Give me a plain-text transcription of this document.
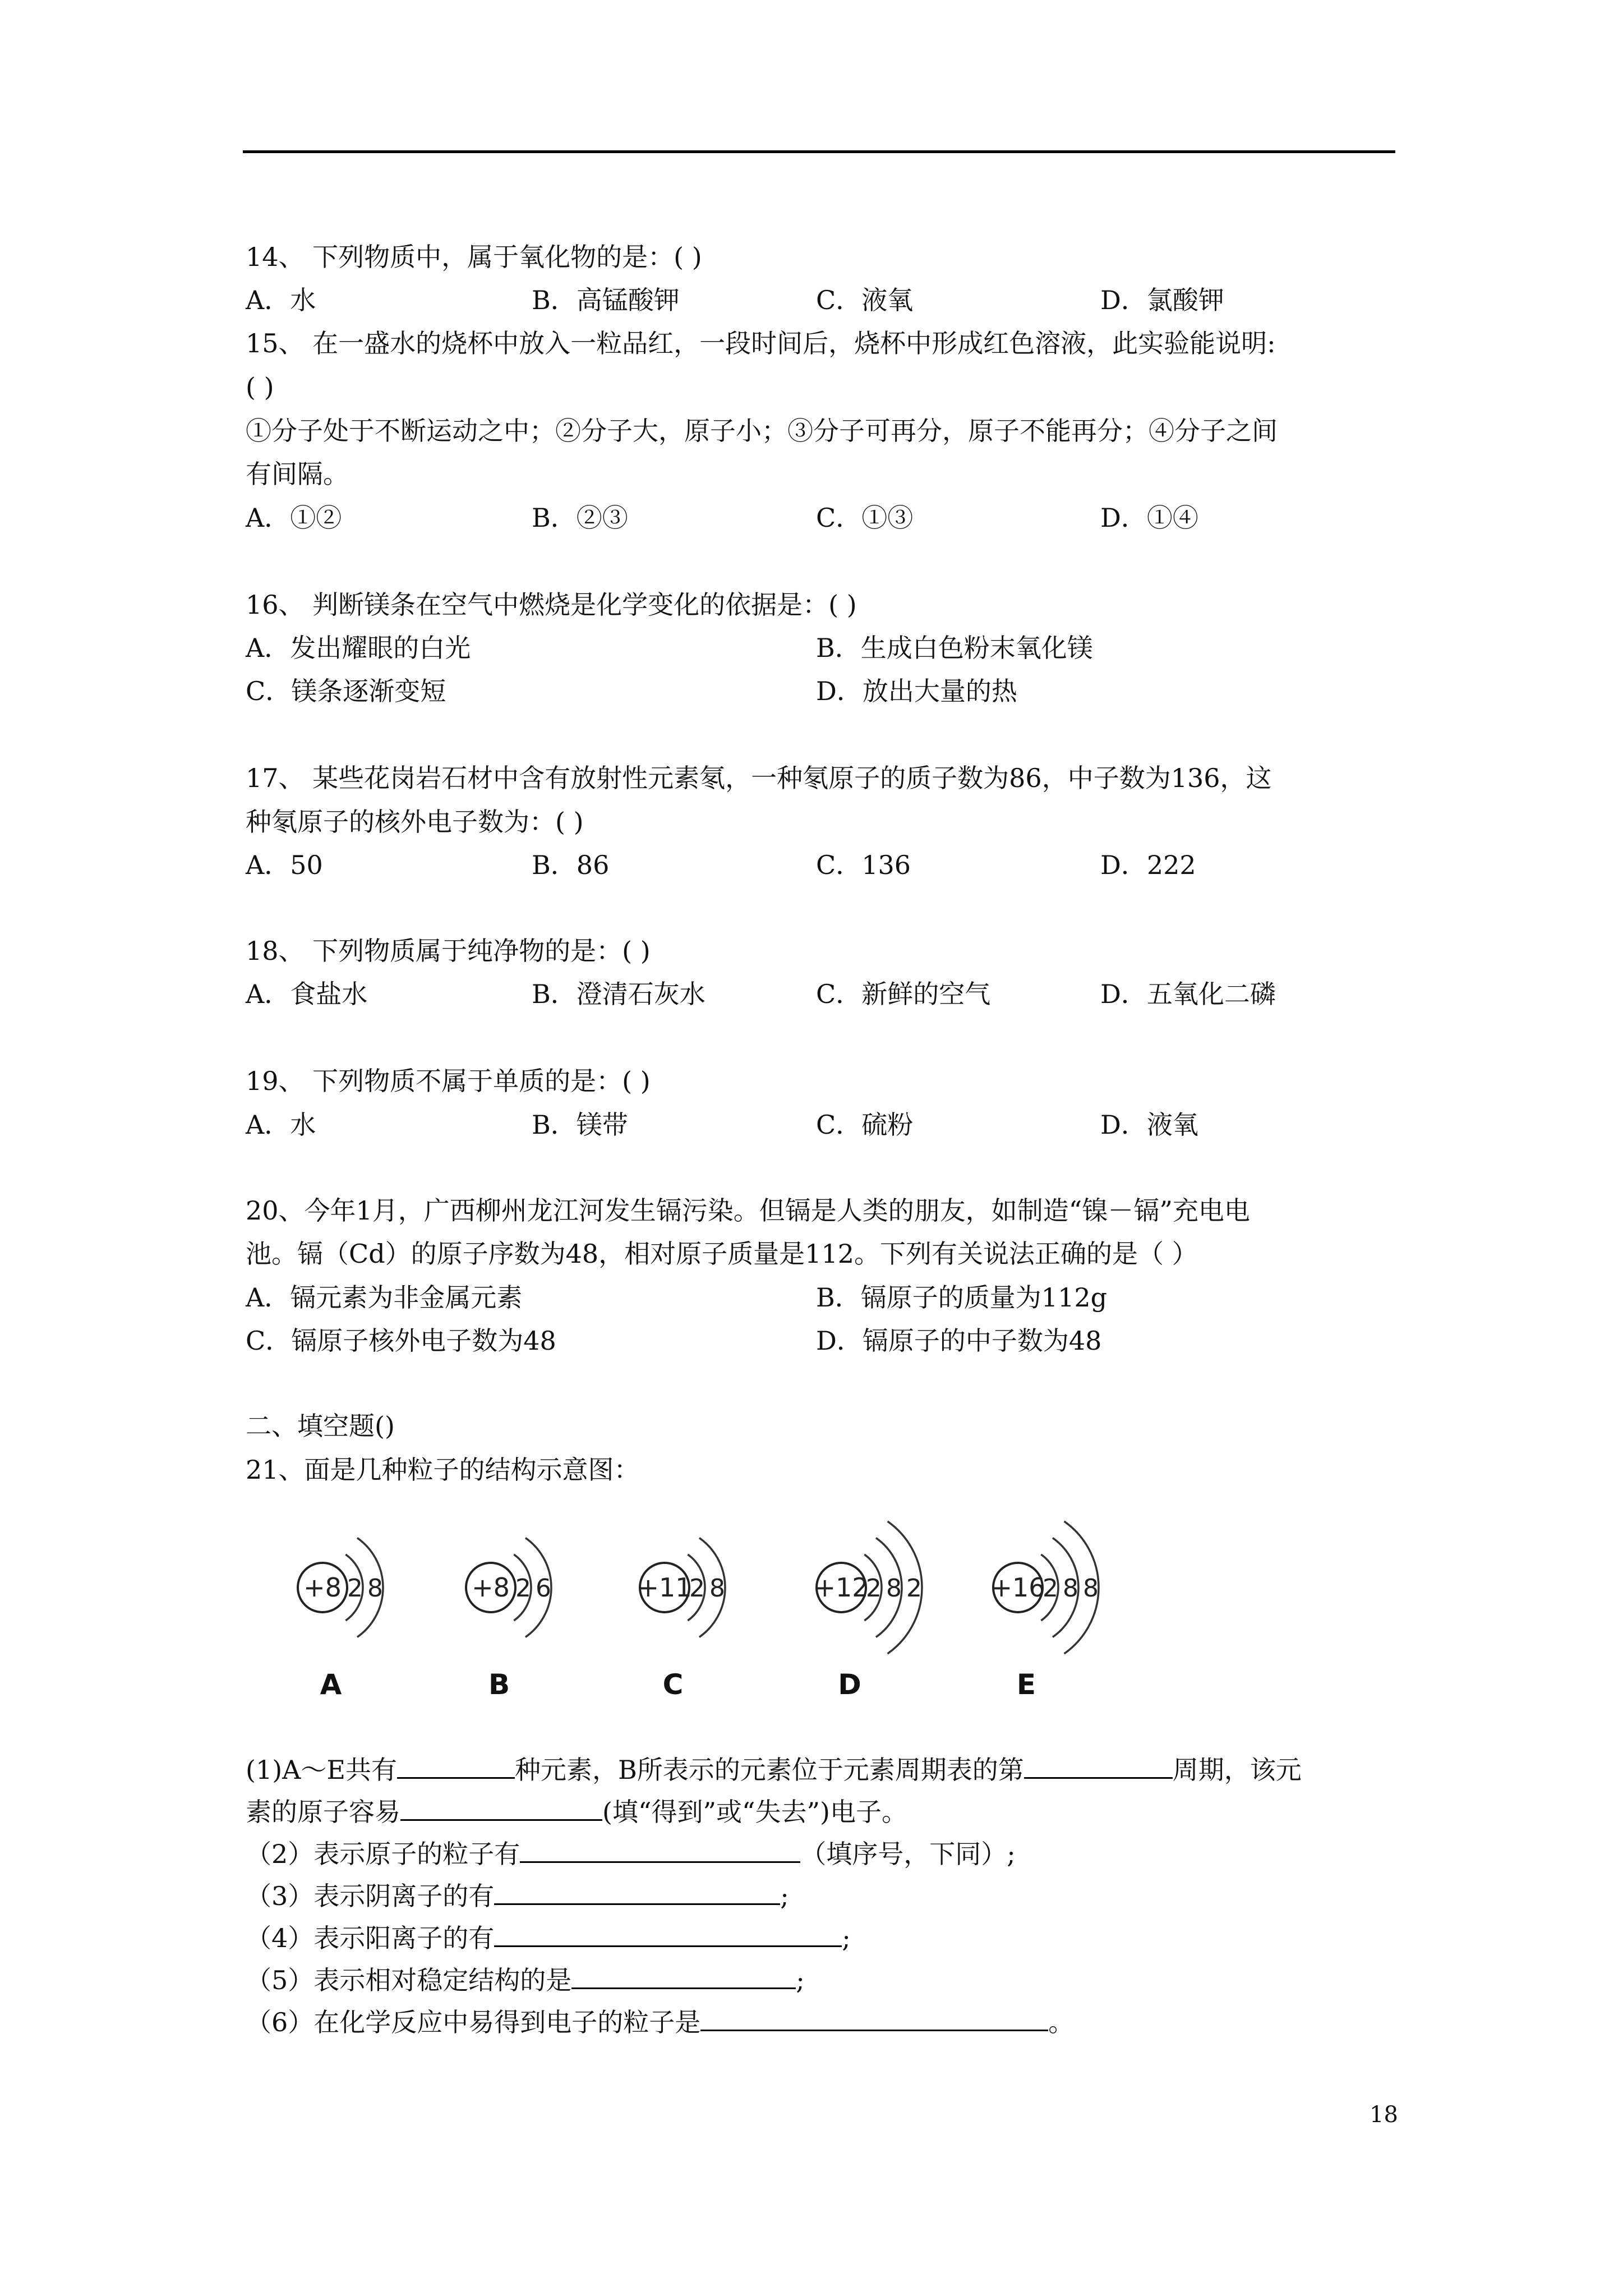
14、 下列物质中，属于氧化物的是：( )
A．水	B．高锰酸钾	C．液氧	D．氯酸钾
15、 在一盛水的烧杯中放入一粒品红，一段时间后，烧杯中形成红色溶液，此实验能说明:
( )
①分子处于不断运动之中；②分子大，原子小；③分子可再分，原子不能再分；④分子之间
有间隔。
A．①②	B．②③	C．①③	D．①④
16、 判断镁条在空气中燃烧是化学变化的依据是：( )
A．发出耀眼的白光	B．生成白色粉末氧化镁
C．镁条逐渐变短	D．放出大量的热
17、 某些花岗岩石材中含有放射性元素氡，一种氡原子的质子数为86，中子数为136，这
种氡原子的核外电子数为：( )
A．50	B．86	C．136	D．222
18、 下列物质属于纯净物的是：( )
A．食盐水	B．澄清石灰水	C．新鲜的空气	D．五氧化二磷
19、 下列物质不属于单质的是：( )
A．水	B．镁带	C．硫粉	D．液氧
20、今年1月，广西柳州龙江河发生镉污染。但镉是人类的朋友，如制造“镍－镉”充电电
池。镉（Cd）的原子序数为48，相对原子质量是112。下列有关说法正确的是（ ）
A．镉元素为非金属元素	B．镉原子的质量为112g
C．镉原子核外电子数为48	D．镉原子的中子数为48
二、填空题()
21、面是几种粒子的结构示意图：
+8 2 8
A
+8 2 6
B
+11
2 8
C
+12
2 8 2
D
+16
2 8 8
E
(1)A～E共有	种元素，B所表示的元素位于元素周期表的第	周期，该元
素的原子容易	(填“得到”或“失去”)电子。
（2）表示原子的粒子有	（填序号，下同）;
（3）表示阴离子的有	;
（4）表示阳离子的有	;
（5）表示相对稳定结构的是	;
（6）在化学反应中易得到电子的粒子是	。
18
